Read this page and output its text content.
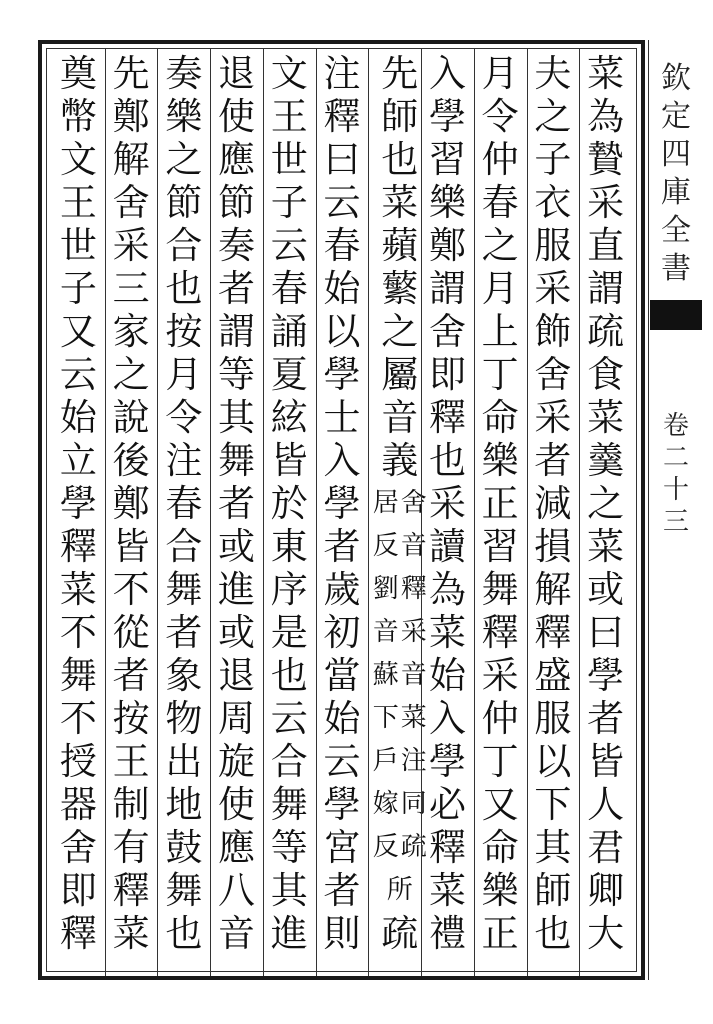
欽
定
四
庫
全
書
卷
二
十
三
菜
為
贄
采
直
謂
疏
食
菜
羹
之
菜
或
曰
學
者
皆
人
君
卿
大
夫
之
子
衣
服
采
飾
舍
采
者
減
損
解
釋
盛
服
以
下
其
師
也
月
令
仲
春
之
月
上
丁
命
樂
正
習
舞
釋
采
仲
丁
又
命
樂
正
入
學
習
樂
鄭
謂
舍
即
釋
也
采
讀
為
菜
始
入
學
必
釋
菜
禮
先
師
也
菜
蘋
蘩
之
屬
音
義
舍
居
音
反
釋
劉
采
音
音
蘇
菜
下
注
戶
同
嫁
疏
反
所
疏
注
釋
曰
云
春
始
以
學
士
入
學
者
歲
初
當
始
云
學
宮
者
則
文
王
世
子
云
春
誦
夏
絃
皆
於
東
序
是
也
云
合
舞
等
其
進
退
使
應
節
奏
者
謂
等
其
舞
者
或
進
或
退
周
旋
使
應
八
音
奏
樂
之
節
合
也
按
月
令
注
春
合
舞
者
象
物
出
地
鼓
舞
也
先
鄭
解
舍
采
三
家
之
說
後
鄭
皆
不
從
者
按
王
制
有
釋
菜
奠
幣
文
王
世
子
又
云
始
立
學
釋
菜
不
舞
不
授
器
舍
即
釋
